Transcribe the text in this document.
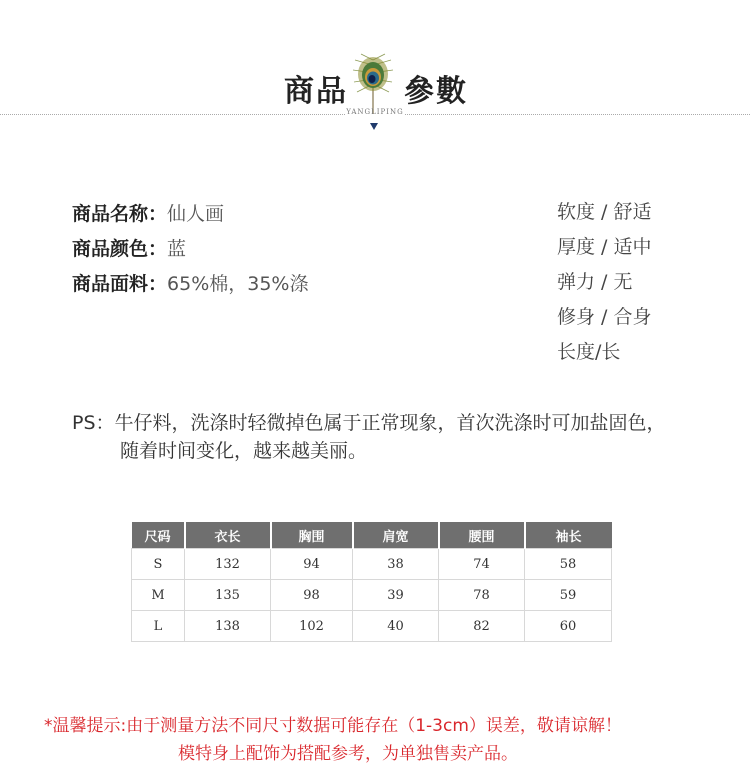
商品 參數
YANGLIPING
商品名称：仙人画
商品颜色：蓝
商品面料：65%棉，35%涤
软度 / 舒适
厚度 / 适中
弹力 / 无
修身 / 合身
长度/长
PS：牛仔料，洗涤时轻微掉色属于正常现象，首次洗涤时可加盐固色，
随着时间变化，越来越美丽。
尺码	衣长	胸围	肩宽	腰围	袖长
S	132	94	38	74	58
M	135	98	39	78	59
L	138	102	40	82	60
*温馨提示:由于测量方法不同尺寸数据可能存在（1-3cm）误差，敬请谅解！
模特身上配饰为搭配参考，为单独售卖产品。
